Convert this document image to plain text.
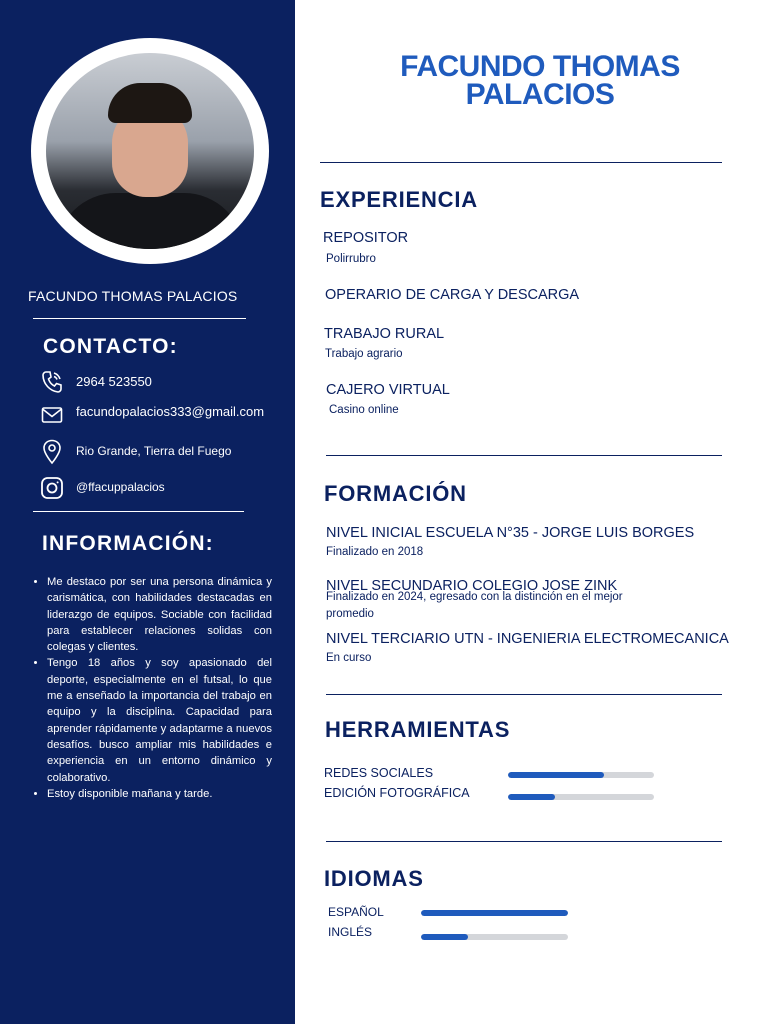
FACUNDO THOMAS PALACIOS
CONTACTO:
2964 523550
facundopalacios333@gmail.com
Rio Grande, Tierra del Fuego
@ffacuppalacios
INFORMACIÓN:
• Me destaco por ser una persona dinámica y carismática, con habilidades destacadas en liderazgo de equipos. Sociable con facilidad para establecer relaciones solidas con colegas y clientes.
• Tengo 18 años y soy apasionado del deporte, especialmente en el futsal, lo que me a enseñado la importancia del trabajo en equipo y la disciplina. Capacidad para aprender rápidamente y adaptarme a nuevos desafíos. busco ampliar mis habilidades e experiencia en un entorno dinámico y colaborativo.
• Estoy disponible mañana y tarde.
FACUNDO THOMAS
PALACIOS
EXPERIENCIA
REPOSITOR
Polirrubro
OPERARIO DE CARGA Y DESCARGA
TRABAJO RURAL
Trabajo agrario
CAJERO VIRTUAL
Casino online
FORMACIÓN
NIVEL INICIAL ESCUELA N°35 - JORGE LUIS BORGES
Finalizado en 2018
NIVEL SECUNDARIO COLEGIO JOSE ZINK
Finalizado en 2024, egresado con la distinción en el mejor
promedio
NIVEL TERCIARIO UTN - INGENIERIA ELECTROMECANICA
En curso
HERRAMIENTAS
REDES SOCIALES
EDICIÓN FOTOGRÁFICA
IDIOMAS
ESPAÑOL
INGLÉS
